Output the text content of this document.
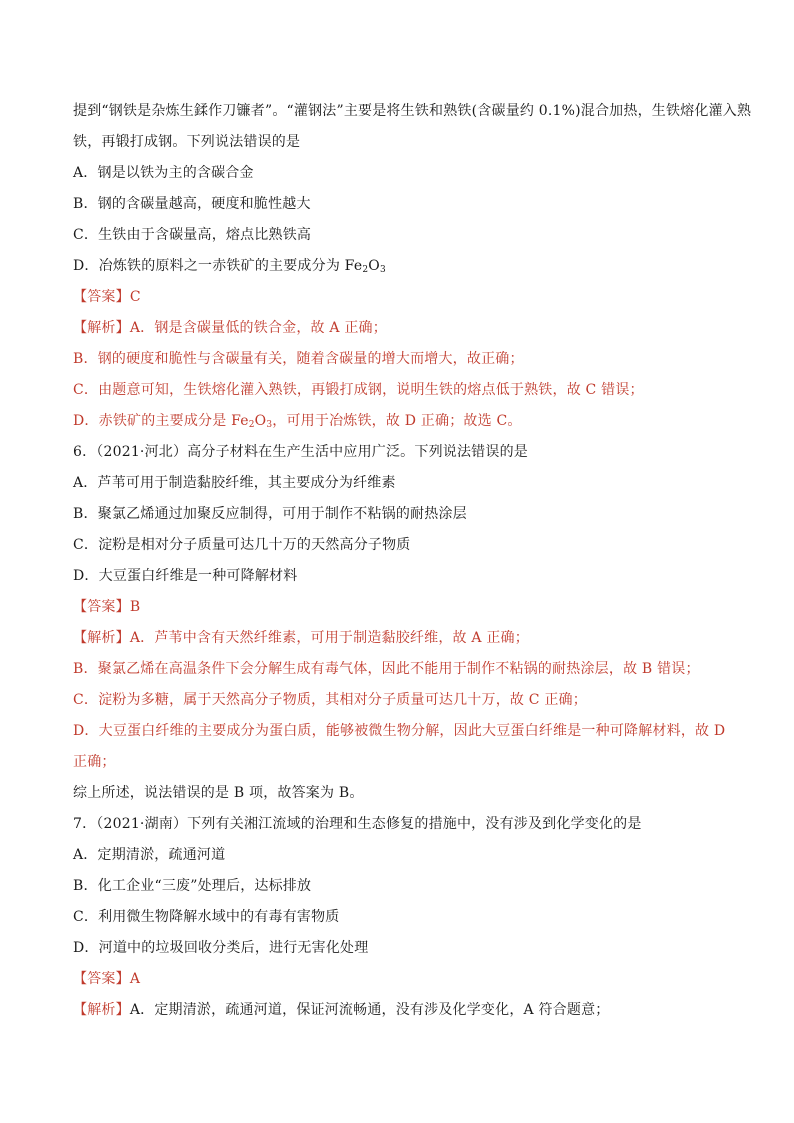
提到“钢铁是杂炼生鍒作刀镰者”。“灌钢法”主要是将生铁和熟铁(含碳量约 0.1%)混合加热，生铁熔化灌入熟
铁，再锻打成钢。下列说法错误的是
A．钢是以铁为主的含碳合金
B．钢的含碳量越高，硬度和脆性越大
C．生铁由于含碳量高，熔点比熟铁高
D．冶炼铁的原料之一赤铁矿的主要成分为 $Fe_2O_3$
【答案】C
【解析】A．钢是含碳量低的铁合金，故 A 正确；
B．钢的硬度和脆性与含碳量有关，随着含碳量的增大而增大，故正确；
C．由题意可知，生铁熔化灌入熟铁，再锻打成钢，说明生铁的熔点低于熟铁，故 C 错误；
D．赤铁矿的主要成分是 $Fe_2O_3$，可用于冶炼铁，故 D 正确；故选 C。
6．（2021·河北）高分子材料在生产生活中应用广泛。下列说法错误的是
A．芦苇可用于制造黏胶纤维，其主要成分为纤维素
B．聚氯乙烯通过加聚反应制得，可用于制作不粘锅的耐热涂层
C．淀粉是相对分子质量可达几十万的天然高分子物质
D．大豆蛋白纤维是一种可降解材料
【答案】B
【解析】A．芦苇中含有天然纤维素，可用于制造黏胶纤维，故 A 正确；
B．聚氯乙烯在高温条件下会分解生成有毒气体，因此不能用于制作不粘锅的耐热涂层，故 B 错误；
C．淀粉为多糖，属于天然高分子物质，其相对分子质量可达几十万，故 C 正确；
D．大豆蛋白纤维的主要成分为蛋白质，能够被微生物分解，因此大豆蛋白纤维是一种可降解材料，故 D
正确；
综上所述，说法错误的是 B 项，故答案为 B。
7．（2021·湖南）下列有关湘江流域的治理和生态修复的措施中，没有涉及到化学变化的是
A．定期清淤，疏通河道
B．化工企业“三废”处理后，达标排放
C．利用微生物降解水域中的有毒有害物质
D．河道中的垃圾回收分类后，进行无害化处理
【答案】A
【解析】A．定期清淤，疏通河道，保证河流畅通，没有涉及化学变化，A 符合题意；
